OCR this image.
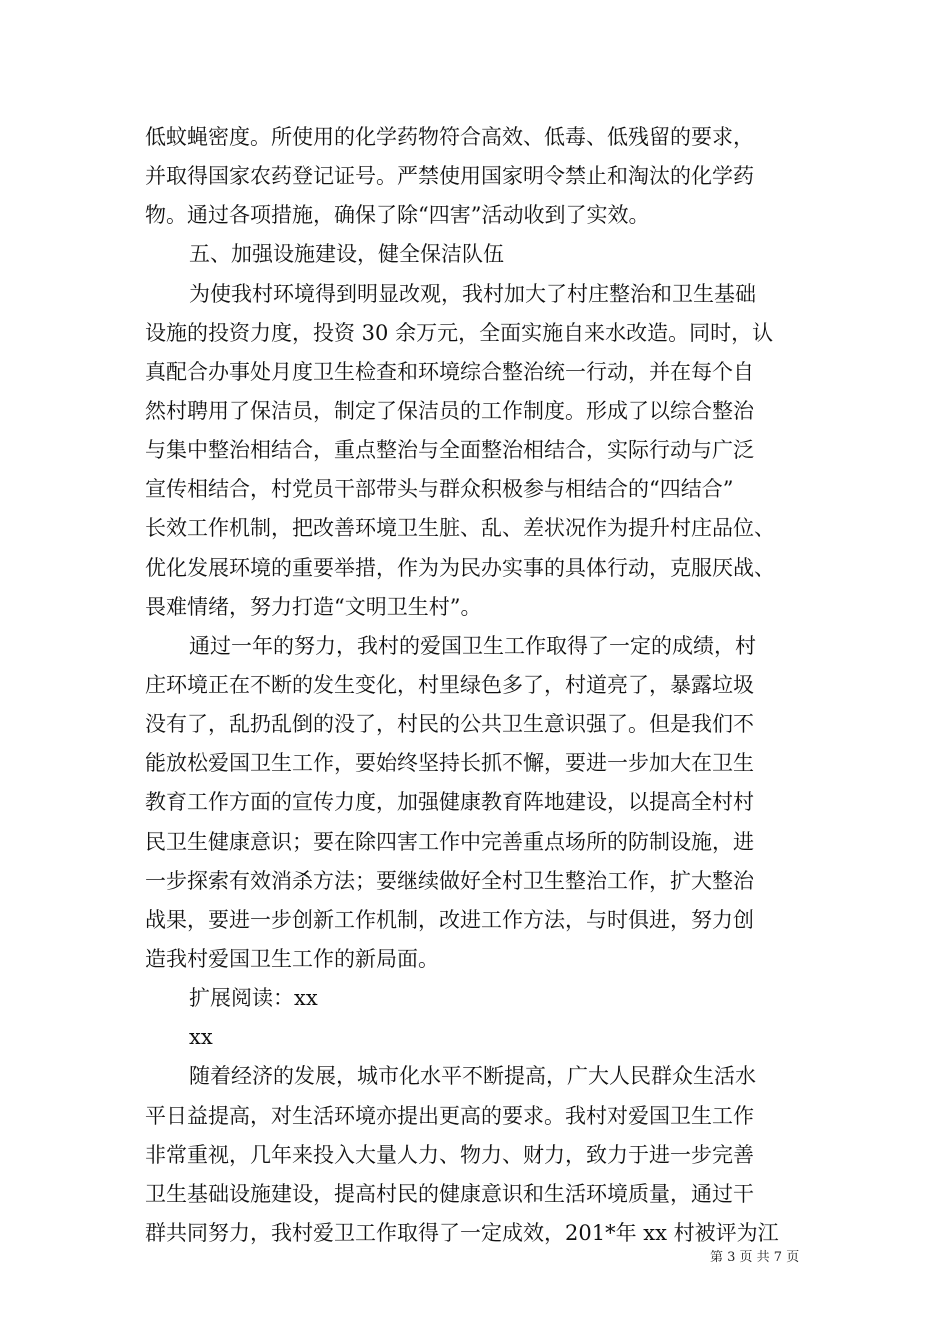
低蚊蝇密度。所使用的化学药物符合高效、低毒、低残留的要求，
并取得国家农药登记证号。严禁使用国家明令禁止和淘汰的化学药
物。通过各项措施，确保了除“四害”活动收到了实效。
五、加强设施建设，健全保洁队伍
为使我村环境得到明显改观，我村加大了村庄整治和卫生基础
设施的投资力度，投资 30 余万元，全面实施自来水改造。同时，认
真配合办事处月度卫生检查和环境综合整治统一行动，并在每个自
然村聘用了保洁员，制定了保洁员的工作制度。形成了以综合整治
与集中整治相结合，重点整治与全面整治相结合，实际行动与广泛
宣传相结合，村党员干部带头与群众积极参与相结合的“四结合”
长效工作机制，把改善环境卫生脏、乱、差状况作为提升村庄品位、
优化发展环境的重要举措，作为为民办实事的具体行动，克服厌战、
畏难情绪，努力打造“文明卫生村”。
通过一年的努力，我村的爱国卫生工作取得了一定的成绩，村
庄环境正在不断的发生变化，村里绿色多了，村道亮了，暴露垃圾
没有了，乱扔乱倒的没了，村民的公共卫生意识强了。但是我们不
能放松爱国卫生工作，要始终坚持长抓不懈，要进一步加大在卫生
教育工作方面的宣传力度，加强健康教育阵地建设，以提高全村村
民卫生健康意识；要在除四害工作中完善重点场所的防制设施，进
一步探索有效消杀方法；要继续做好全村卫生整治工作，扩大整治
战果，要进一步创新工作机制，改进工作方法，与时俱进，努力创
造我村爱国卫生工作的新局面。
扩展阅读：xx
xx
随着经济的发展，城市化水平不断提高，广大人民群众生活水
平日益提高，对生活环境亦提出更高的要求。我村对爱国卫生工作
非常重视，几年来投入大量人力、物力、财力，致力于进一步完善
卫生基础设施建设，提高村民的健康意识和生活环境质量，通过干
群共同努力，我村爱卫工作取得了一定成效，201*年 xx 村被评为江
第 3 页 共 7 页
